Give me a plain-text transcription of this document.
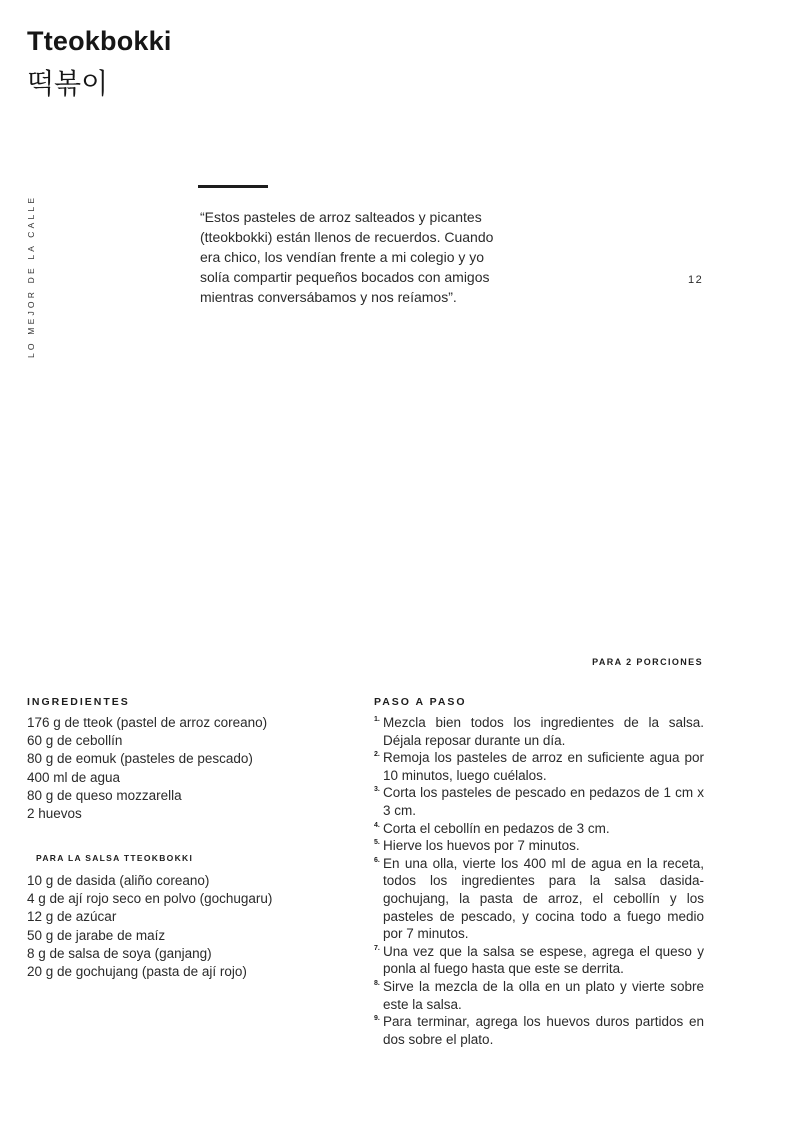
Tteokbokki
떡볶이
LO MEJOR DE LA CALLE	“Estos pasteles de arroz salteados y picantes (tteokbokki) están llenos de recuerdos. Cuando era chico, los vendían frente a mi colegio y yo solía compartir pequeños bocados con amigos mientras conversábamos y nos reíamos”.

12
PARA 2 PORCIONES
INGREDIENTES
176 g de tteok (pastel de arroz coreano)
60 g de cebollín
80 g de eomuk (pasteles de pescado)
400 ml de agua
80 g de queso mozzarella
2 huevos
PARA LA SALSA TTEOKBOKKI
10 g de dasida (aliño coreano)
4 g de ají rojo seco en polvo (gochugaru)
12 g de azúcar
50 g de jarabe de maíz
8 g de salsa de soya (ganjang)
20 g de gochujang (pasta de ají rojo)
PASO A PASO
1. Mezcla bien todos los ingredientes de la salsa. Déjala reposar durante un día.
2. Remoja los pasteles de arroz en suficiente agua por 10 minutos, luego cuélalos.
3. Corta los pasteles de pescado en pedazos de 1 cm x 3 cm.
4. Corta el cebollín en pedazos de 3 cm.
5. Hierve los huevos por 7 minutos.
6. En una olla, vierte los 400 ml de agua en la receta, todos los ingredientes para la salsa dasida-gochujang, la pasta de arroz, el cebollín y los pasteles de pescado, y cocina todo a fuego medio por 7 minutos.
7. Una vez que la salsa se espese, agrega el queso y ponla al fuego hasta que este se derrita.
8. Sirve la mezcla de la olla en un plato y vierte sobre este la salsa.
9. Para terminar, agrega los huevos duros partidos en dos sobre el plato.
